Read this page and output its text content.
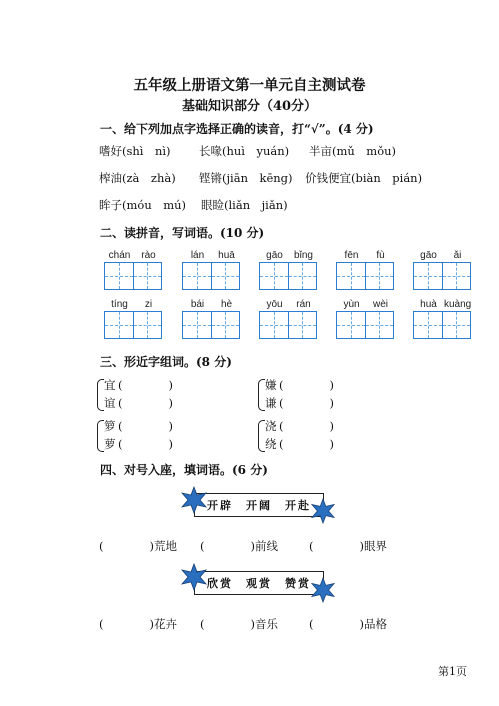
五年级上册语文第一单元自主测试卷
基础知识部分（40分）
一、给下列加点字选择正确的读音，打“√”。(4 分)
嗜好(shì　nì) 长喙(huì　yuán) 半亩(mǔ　mǒu)
榨油(zà　zhà) 铿锵(jiān　kēng) 价钱便宜(biàn　pián)
眸子(móu　mú) 眼睑(liǎn　jiǎn)
二、读拼音，写词语。(10 分)
chán	rào	lán	huā	gāo	bǐng	fēn	fù	gāo	ǎi
tíng	zi	bái	hè	yōu	rán	yùn	wèi	huà kuàng
三、形近字组词。(8 分)
宜 (　　　　)
谊 (　　　　)
嫌 (　　　　)
谦 (　　　　)
箩 (　　　　)
萝 (　　　　)
浇 (　　　　)
绕 (　　　　)
四、对号入座，填词语。(6 分)
开辟　开阔　开赴
(　　　　)荒地 (　　　　)前线	(　　　　)眼界
欣赏　观赏　赞赏
(　　　　)花卉 (　　　　)音乐	(　　　　)品格
第1页
搜狐号@小宋课堂
